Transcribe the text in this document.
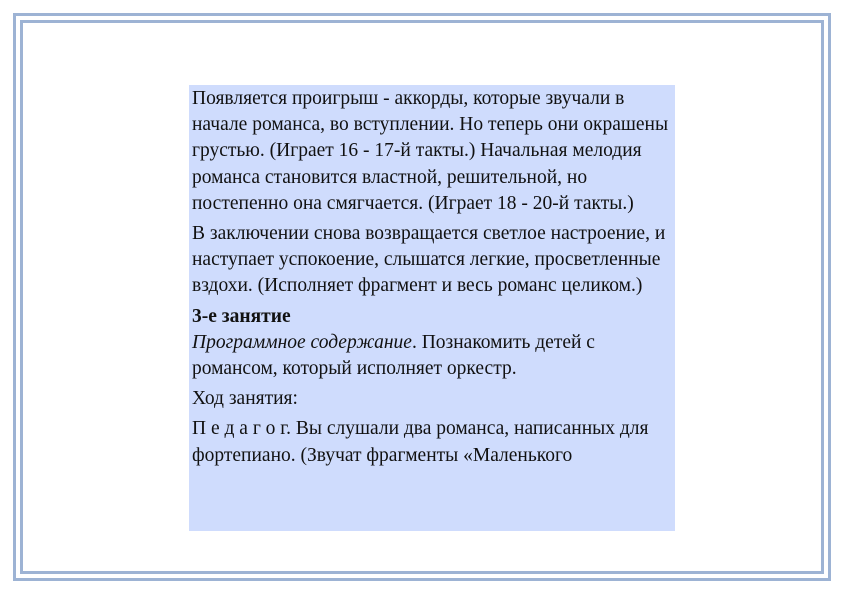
Появляется проигрыш - аккорды, которые звучали в начале романса, во вступлении. Но теперь они окрашены грустью. (Играет 16 - 17-й такты.) Начальная мелодия романса становится властной, решительной, но постепенно она смягчается. (Играет 18 - 20-й такты.)

В заключении снова возвращается светлое настроение, и наступает успокоение, слышатся легкие, просветленные вздохи. (Исполняет фрагмент и весь романс целиком.)

3-е занятие

Программное содержание. Познакомить детей с романсом, который исполняет оркестр.

Ход занятия:

П е д а г о г. Вы слушали два романса, написанных для фортепиано. (Звучат фрагменты «Маленького
